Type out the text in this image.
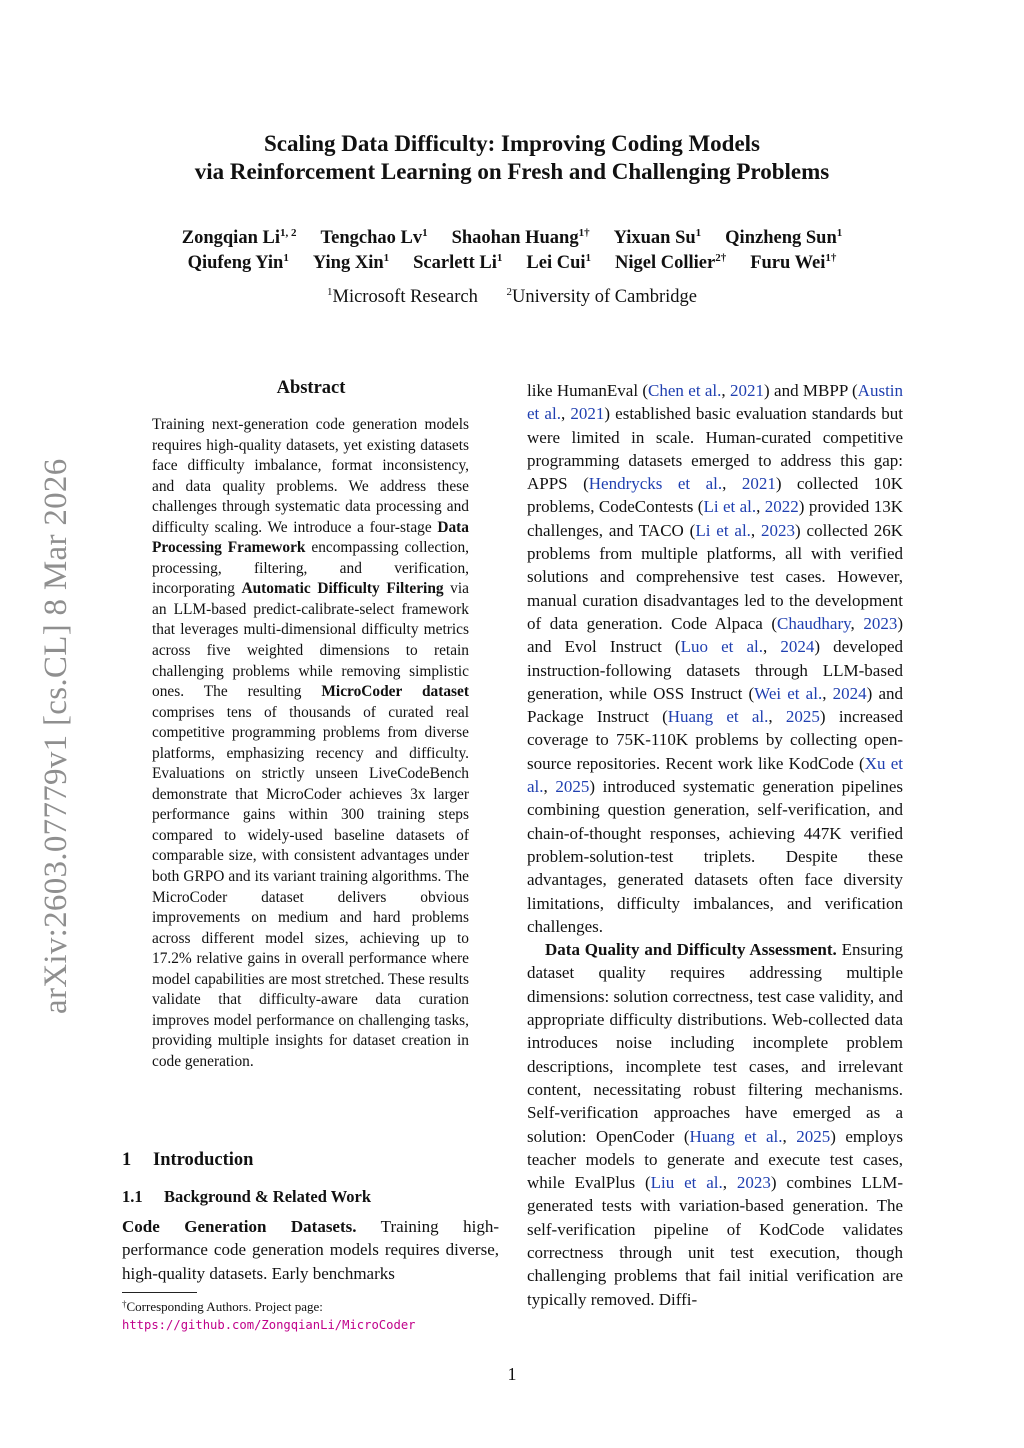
Scaling Data Difficulty: Improving Coding Models
via Reinforcement Learning on Fresh and Challenging Problems
Zongqian Li$^{1, 2}$ Tengchao Lv$^1$ Shaohan Huang$^{1\dagger}$ Yixuan Su$^1$ Qinzheng Sun$^1$
Qiufeng Yin$^1$ Ying Xin$^1$ Scarlett Li$^1$ Lei Cui$^1$ Nigel Collier$^{2\dagger}$ Furu Wei$^{1\dagger}$
$^1$Microsoft Research	$^2$University of Cambridge
arXiv:2603.07779v1 [cs.CL] 8 Mar 2026
Abstract
Training next-generation code generation models requires high-quality datasets, yet existing datasets face difficulty imbalance, format inconsistency, and data quality problems. We address these challenges through systematic data processing and difficulty scaling. We introduce a four-stage Data Processing Framework encompassing collection, processing, filtering, and verification, incorporating Automatic Difficulty Filtering via an LLM-based predict-calibrate-select framework that leverages multi-dimensional difficulty metrics across five weighted dimensions to retain challenging problems while removing simplistic ones. The resulting MicroCoder dataset comprises tens of thousands of curated real competitive programming problems from diverse platforms, emphasizing recency and difficulty. Evaluations on strictly unseen LiveCodeBench demonstrate that MicroCoder achieves 3x larger performance gains within 300 training steps compared to widely-used baseline datasets of comparable size, with consistent advantages under both GRPO and its variant training algorithms. The MicroCoder dataset delivers obvious improvements on medium and hard problems across different model sizes, achieving up to 17.2% relative gains in overall performance where model capabilities are most stretched. These results validate that difficulty-aware data curation improves model performance on challenging tasks, providing multiple insights for dataset creation in code generation.
1 Introduction
1.1 Background & Related Work
Code Generation Datasets. Training high-performance code generation models requires diverse, high-quality datasets. Early benchmarks
†Corresponding Authors. Project page:
https://github.com/ZongqianLi/MicroCoder

like HumanEval (Chen et al., 2021) and MBPP (Austin et al., 2021) established basic evaluation standards but were limited in scale. Human-curated competitive programming datasets emerged to address this gap: APPS (Hendrycks et al., 2021) collected 10K problems, CodeContests (Li et al., 2022) provided 13K challenges, and TACO (Li et al., 2023) collected 26K problems from multiple platforms, all with verified solutions and comprehensive test cases. However, manual curation disadvantages led to the development of data generation. Code Alpaca (Chaudhary, 2023) and Evol Instruct (Luo et al., 2024) developed instruction-following datasets through LLM-based generation, while OSS Instruct (Wei et al., 2024) and Package Instruct (Huang et al., 2025) increased coverage to 75K-110K problems by collecting open-source repositories. Recent work like KodCode (Xu et al., 2025) introduced systematic generation pipelines combining question generation, self-verification, and chain-of-thought responses, achieving 447K verified problem-solution-test triplets. Despite these advantages, generated datasets often face diversity limitations, difficulty imbalances, and verification challenges.

Data Quality and Difficulty Assessment. Ensuring dataset quality requires addressing multiple dimensions: solution correctness, test case validity, and appropriate difficulty distributions. Web-collected data introduces noise including incomplete problem descriptions, incomplete test cases, and irrelevant content, necessitating robust filtering mechanisms. Self-verification approaches have emerged as a solution: OpenCoder (Huang et al., 2025) employs teacher models to generate and execute test cases, while EvalPlus (Liu et al., 2023) combines LLM-generated tests with variation-based generation. The self-verification pipeline of KodCode validates correctness through unit test execution, though challenging problems that fail initial verification are typically removed. Diffi-

1
